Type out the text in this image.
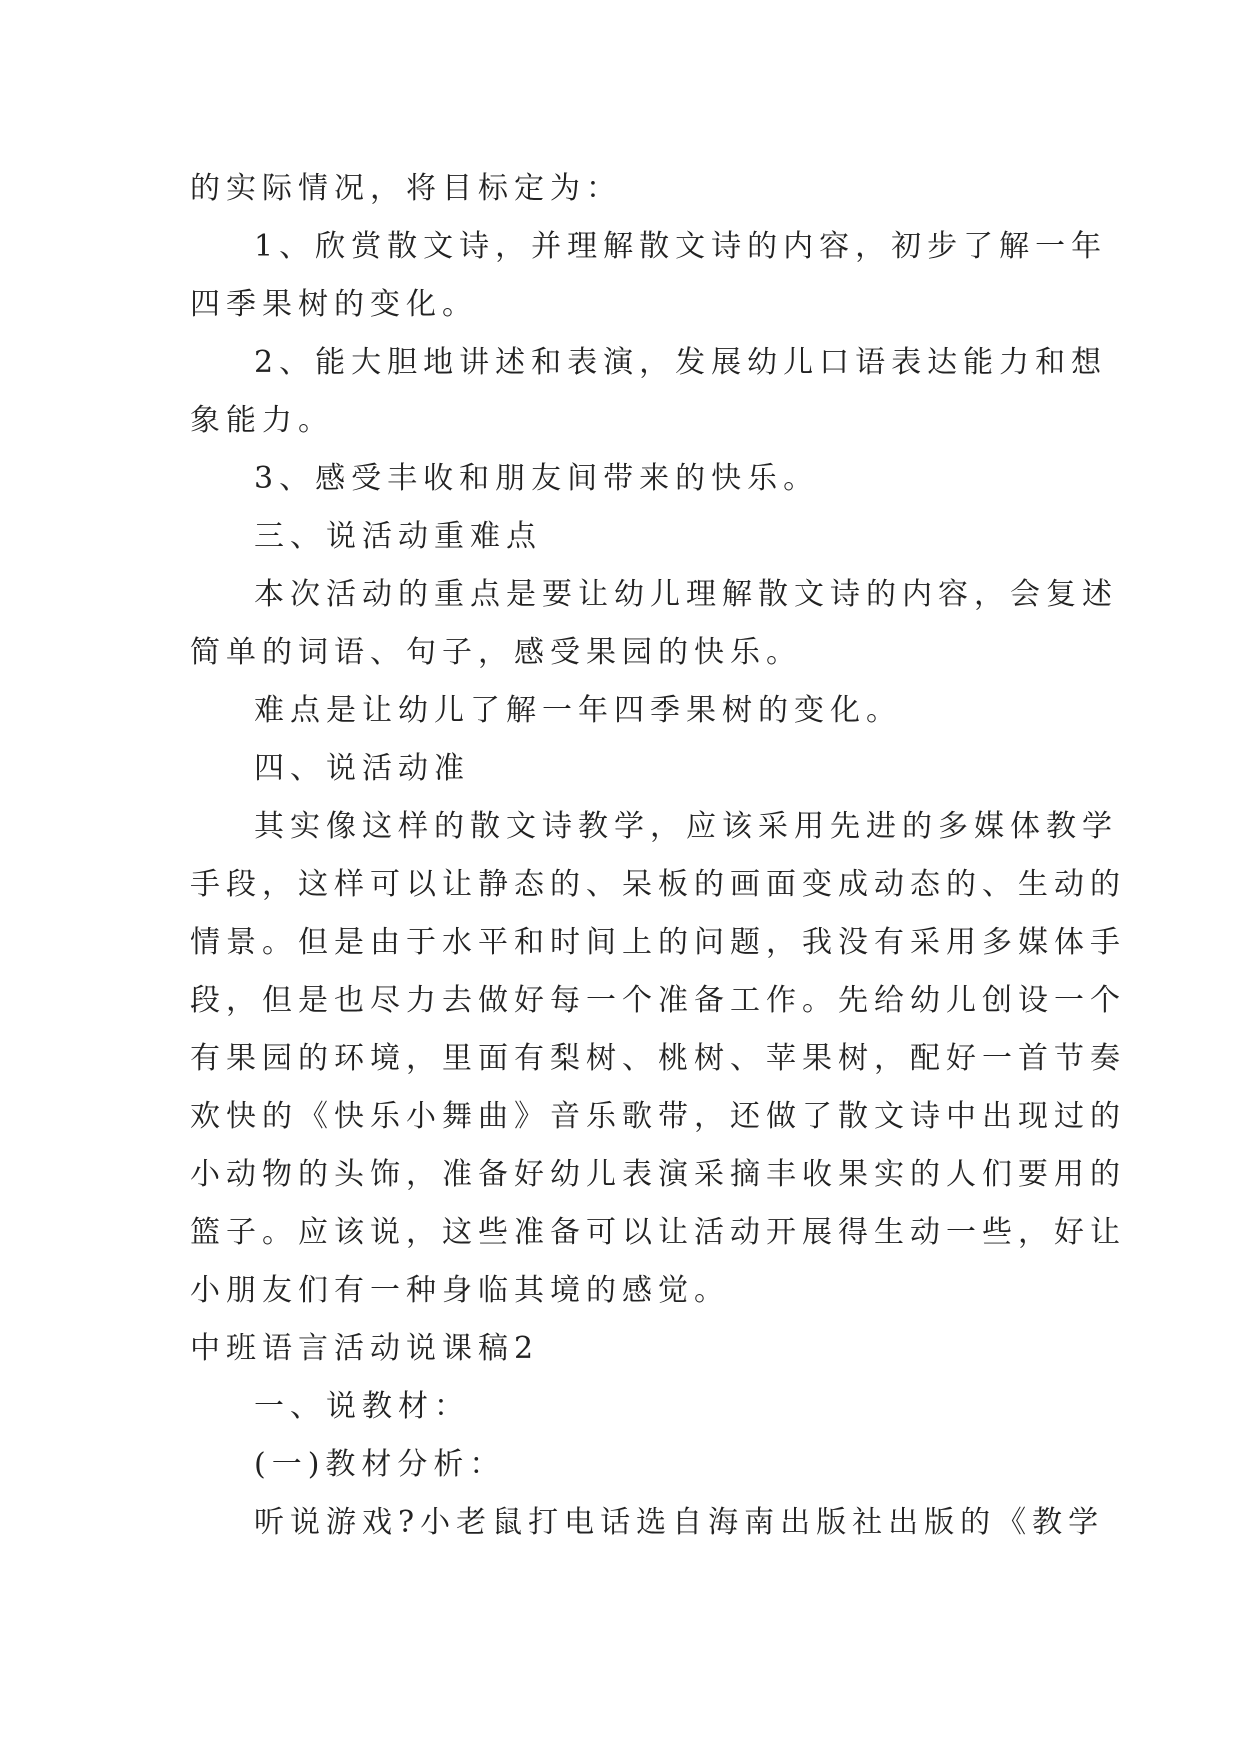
的实际情况，将目标定为：
1、欣赏散文诗，并理解散文诗的内容，初步了解一年
四季果树的变化。
2、能大胆地讲述和表演，发展幼儿口语表达能力和想
象能力。
3、感受丰收和朋友间带来的快乐。
三、说活动重难点
本次活动的重点是要让幼儿理解散文诗的内容，会复述
简单的词语、句子，感受果园的快乐。
难点是让幼儿了解一年四季果树的变化。
四、说活动准
其实像这样的散文诗教学，应该采用先进的多媒体教学
手段，这样可以让静态的、呆板的画面变成动态的、生动的
情景。但是由于水平和时间上的问题，我没有采用多媒体手
段，但是也尽力去做好每一个准备工作。先给幼儿创设一个
有果园的环境，里面有梨树、桃树、苹果树，配好一首节奏
欢快的《快乐小舞曲》音乐歌带，还做了散文诗中出现过的
小动物的头饰，准备好幼儿表演采摘丰收果实的人们要用的
篮子。应该说，这些准备可以让活动开展得生动一些，好让
小朋友们有一种身临其境的感觉。
中班语言活动说课稿2
一、说教材：
(一)教材分析：
听说游戏?小老鼠打电话选自海南出版社出版的《教学
